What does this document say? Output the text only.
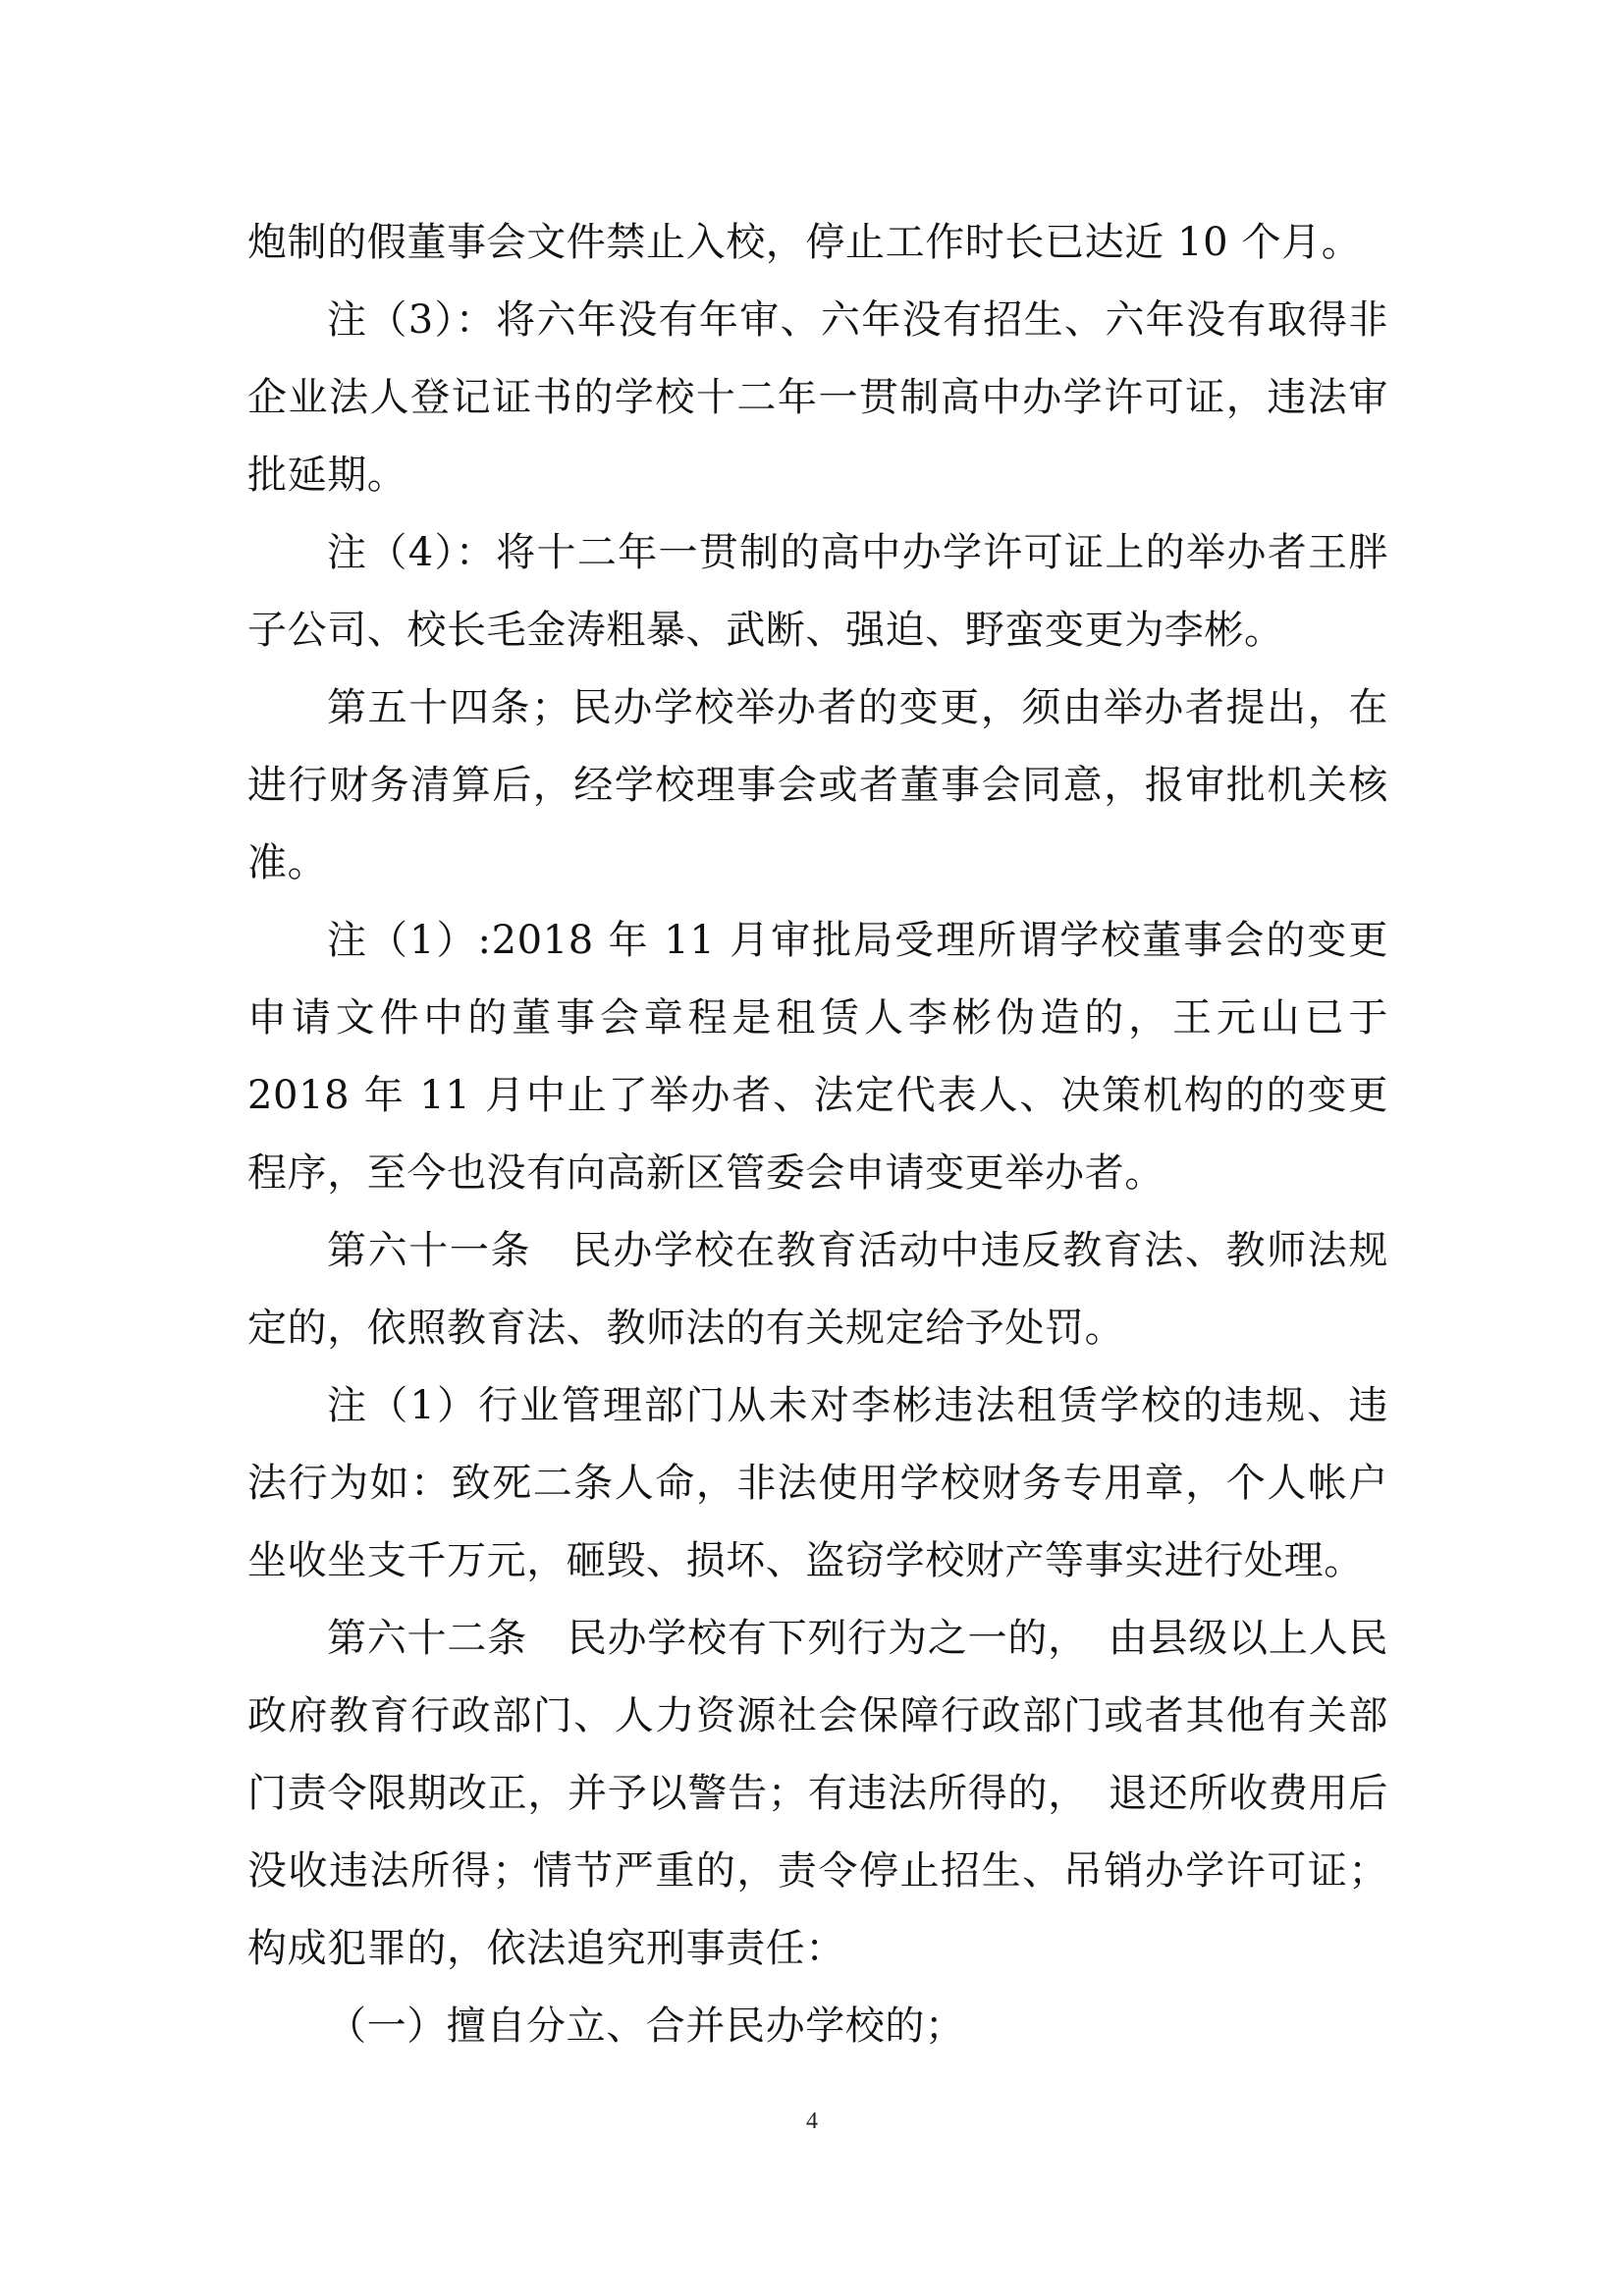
炮制的假董事会文件禁止入校，停止工作时长已达近 10 个月。

注（3）：将六年没有年审、六年没有招生、六年没有取得非企业法人登记证书的学校十二年一贯制高中办学许可证，违法审批延期。

注（4）：将十二年一贯制的高中办学许可证上的举办者王胖子公司、校长毛金涛粗暴、武断、强迫、野蛮变更为李彬。

第五十四条；民办学校举办者的变更，须由举办者提出，在进行财务清算后，经学校理事会或者董事会同意，报审批机关核准。

注（1）:2018 年 11 月审批局受理所谓学校董事会的变更申请文件中的董事会章程是租赁人李彬伪造的，王元山已于 2018 年 11 月中止了举办者、法定代表人、决策机构的的变更程序，至今也没有向高新区管委会申请变更举办者。

第六十一条　民办学校在教育活动中违反教育法、教师法规定的，依照教育法、教师法的有关规定给予处罚。

注（1）行业管理部门从未对李彬违法租赁学校的违规、违法行为如：致死二条人命，非法使用学校财务专用章，个人帐户坐收坐支千万元，砸毁、损坏、盗窃学校财产等事实进行处理。

第六十二条　民办学校有下列行为之一的，　由县级以上人民政府教育行政部门、人力资源社会保障行政部门或者其他有关部门责令限期改正，并予以警告；有违法所得的，　退还所收费用后没收违法所得；情节严重的，责令停止招生、吊销办学许可证；构成犯罪的，依法追究刑事责任：

（一）擅自分立、合并民办学校的；

4
